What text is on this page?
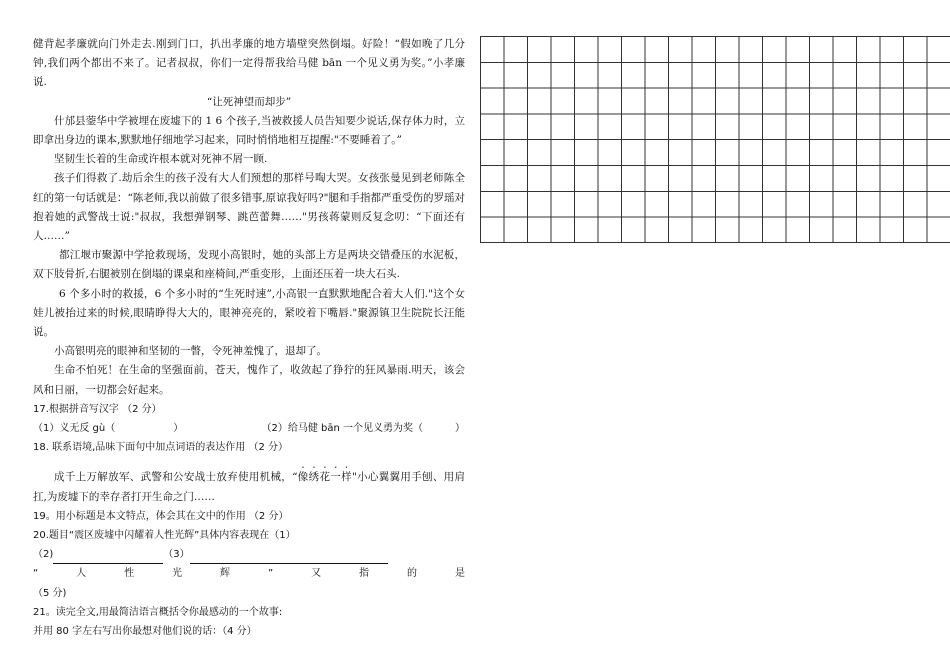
健背起孝廉就向门外走去.刚到门口，扒出孝廉的地方墙壁突然倒塌。好险！“假如晚了几分钟,我们两个都出不来了。记者叔叔，你们一定得帮我给马健 bān 一个见义勇为奖。”小孝廉说.

“让死神望而却步”

什邡县蓥华中学被埋在废墟下的 1 6 个孩子,当被救援人员告知要少说话,保存体力时，立即拿出身边的课本,默默地仔细地学习起来，同时悄悄地相互提醒:"不要睡着了。”

坚韧生长着的生命或许根本就对死神不屑一顾.

孩子们得救了.劫后余生的孩子没有大人们预想的那样号啕大哭。女孩张曼见到老师陈全红的第一句话就是：“陈老师,我以前做了很多错事,原谅我好吗?"腿和手指都严重受伤的罗瑶对抱着她的武警战士说:"叔叔，我想弹钢琴、跳芭蕾舞……"男孩蒋蒙则反复念叨：“下面还有人……”

都江堰市聚源中学抢救现场，发现小高银时，她的头部上方是两块交错叠压的水泥板，双下肢骨折,右腿被别在倒塌的课桌和座椅间,严重变形，上面还压着一块大石头.

6 个多小时的救援，6 个多小时的“生死时速”,小高银一直默默地配合着大人们."这个女娃儿被抬过来的时候,眼睛睁得大大的，眼神亮亮的，紧咬着下嘴唇."聚源镇卫生院院长汪能说。

小高银明亮的眼神和坚韧的一瞥，令死神羞愧了，退却了。

生命不怕死！在生命的坚强面前，苍天，愧作了，收敛起了狰狞的狂风暴雨.明天，该会风和日丽，一切都会好起来。

17.根据拼音写汉字 （2 分）

（1）义无反 gù（	）	（2）给马健 bān 一个见义勇为奖（	）

18. 联系语境,品味下面句中加点词语的表达作用 （2 分）

成千上万解放军、武警和公安战士放弃使用机械，“像绣花一样"小心翼翼用手刨、用肩扛,为废墟下的幸存者打开生命之门……

19。用小标题是本文特点，体会其在文中的作用 （2 分）

20.题目“震区废墟中闪耀着人性光辉”具体内容表现在（1）

（2)	（3）

“	人	性	光	辉	”	又	指	的	是

（5 分)

21。读完全文,用最简洁语言概括令你最感动的一个故事:

并用 80 字左右写出你最想对他们说的话：（4 分）
